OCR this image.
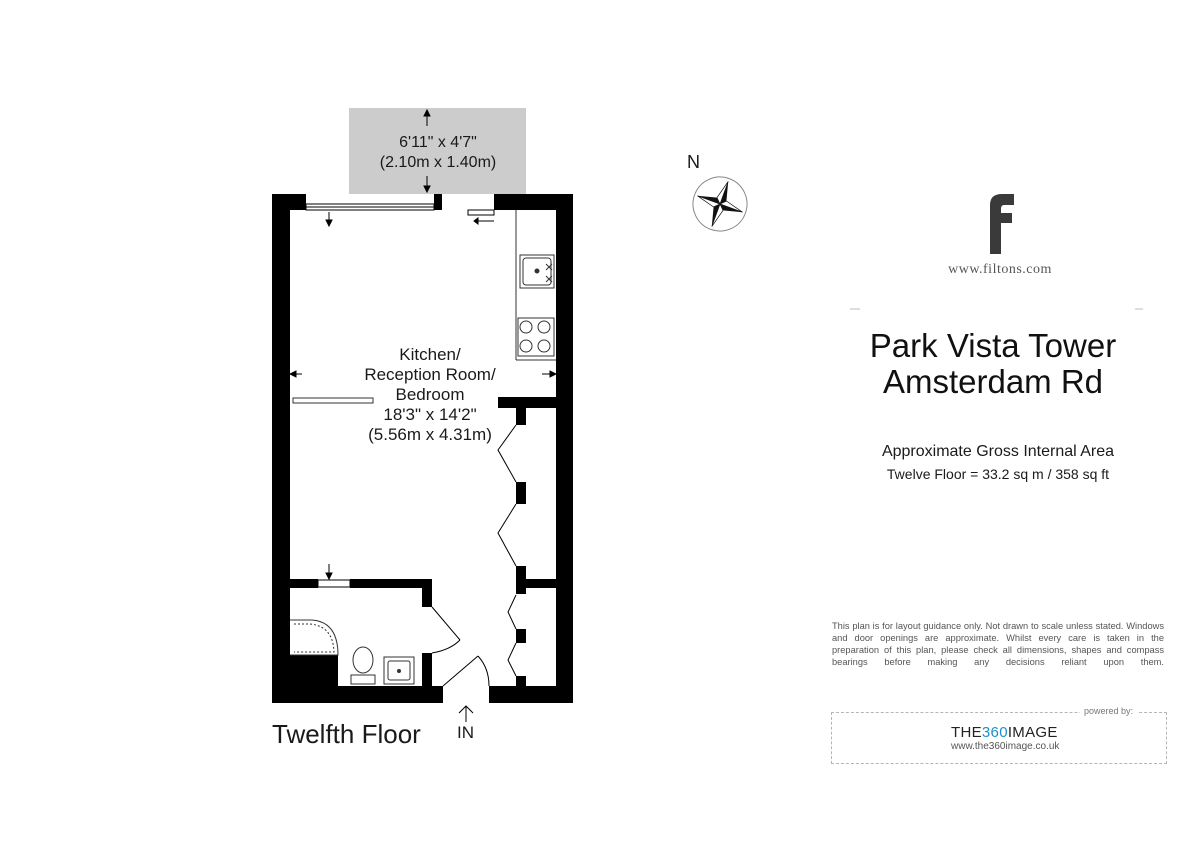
6'11" x 4'7"
(2.10m x 1.40m)
Kitchen/
Reception Room/
Bedroom
18'3" x 14'2"
(5.56m x 4.31m)
Twelfth Floor IN
N
www.filtons.com
Park Vista Tower
Amsterdam Rd
Approximate Gross Internal Area
Twelve Floor = 33.2 sq m / 358 sq ft
This plan is for layout guidance only. Not drawn to scale unless stated. Windows and door openings are approximate. Whilst every care is taken in the preparation of this plan, please check all dimensions, shapes and compass bearings before making any decisions reliant upon them.
powered by:
THE360IMAGE
www.the360image.co.uk
